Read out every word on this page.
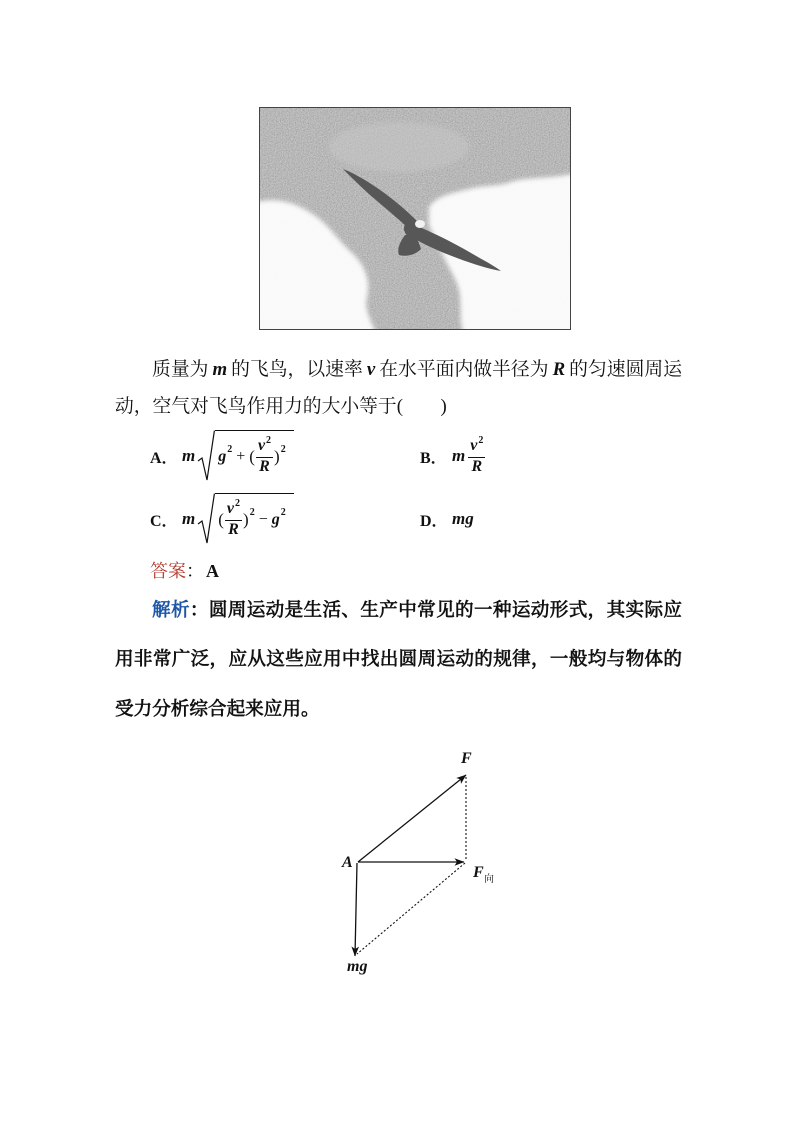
质量为 m 的飞鸟，以速率 v 在水平面内做半径为 R 的匀速圆周运
动，空气对飞鸟作用力的大小等于(　　)
A． m g 2 + ( $\frac{v^2}{R}$ ) 2	B． m $\frac{v^2}{R}$
C． m ( $\frac{v^2}{R}$ ) 2 − g 2	D． mg
答案： A
解析：圆周运动是生活、生产中常见的一种运动形式，其实际应
用非常广泛，应从这些应用中找出圆周运动的规律，一般均与物体的
受力分析综合起来应用。
A
F
F 向
mg
